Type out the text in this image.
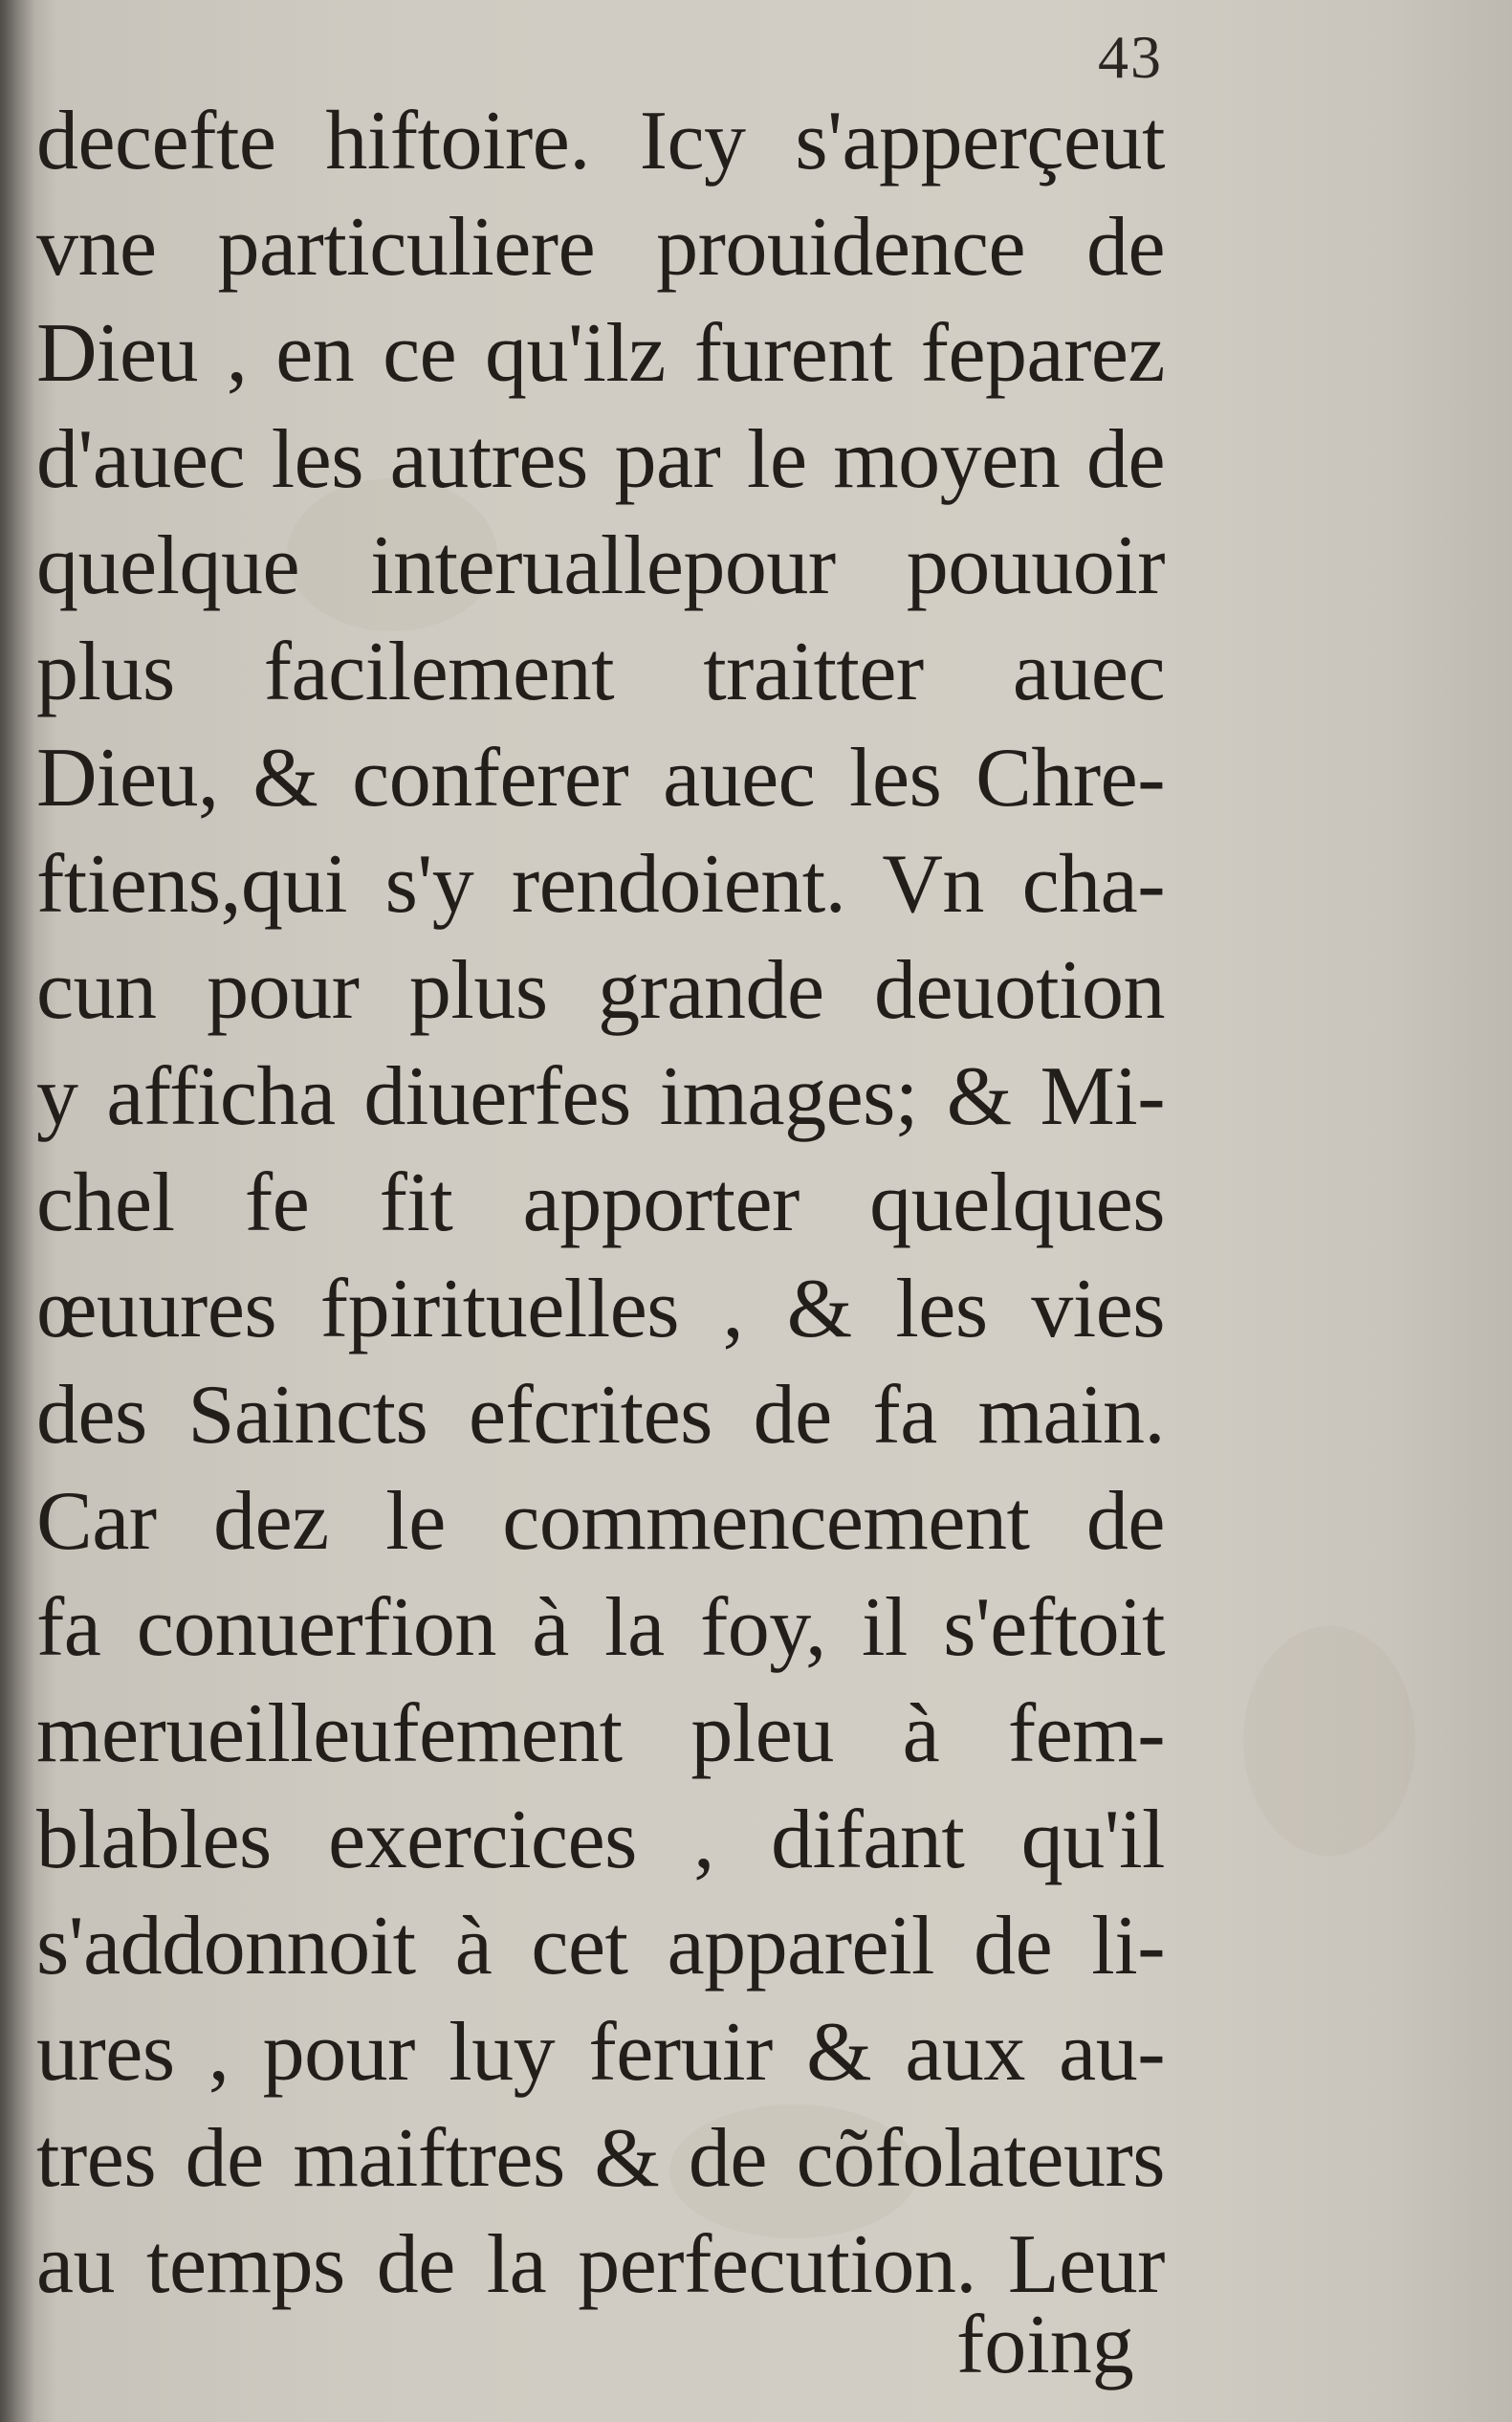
43
decefte hiftoire. Icy s'apperçeut
vne particuliere prouidence de
Dieu , en ce qu'ilz furent feparez
d'auec les autres par le moyen de
quelque interuallepour pouuoir
plus facilement traitter auec
Dieu, & conferer auec les Chre-
ftiens,qui s'y rendoient. Vn cha-
cun pour plus grande deuotion
y afficha diuerfes images; & Mi-
chel fe fit apporter quelques
œuures fpirituelles , & les vies
des Saincts efcrites de fa main.
Car dez le commencement de
fa conuerfion à la foy, il s'eftoit
merueilleufement pleu à fem-
blables exercices , difant qu'il
s'addonnoit à cet appareil de li-
ures , pour luy feruir & aux au-
tres de maiftres & de cõfolateurs
au temps de la perfecution. Leur
foing
